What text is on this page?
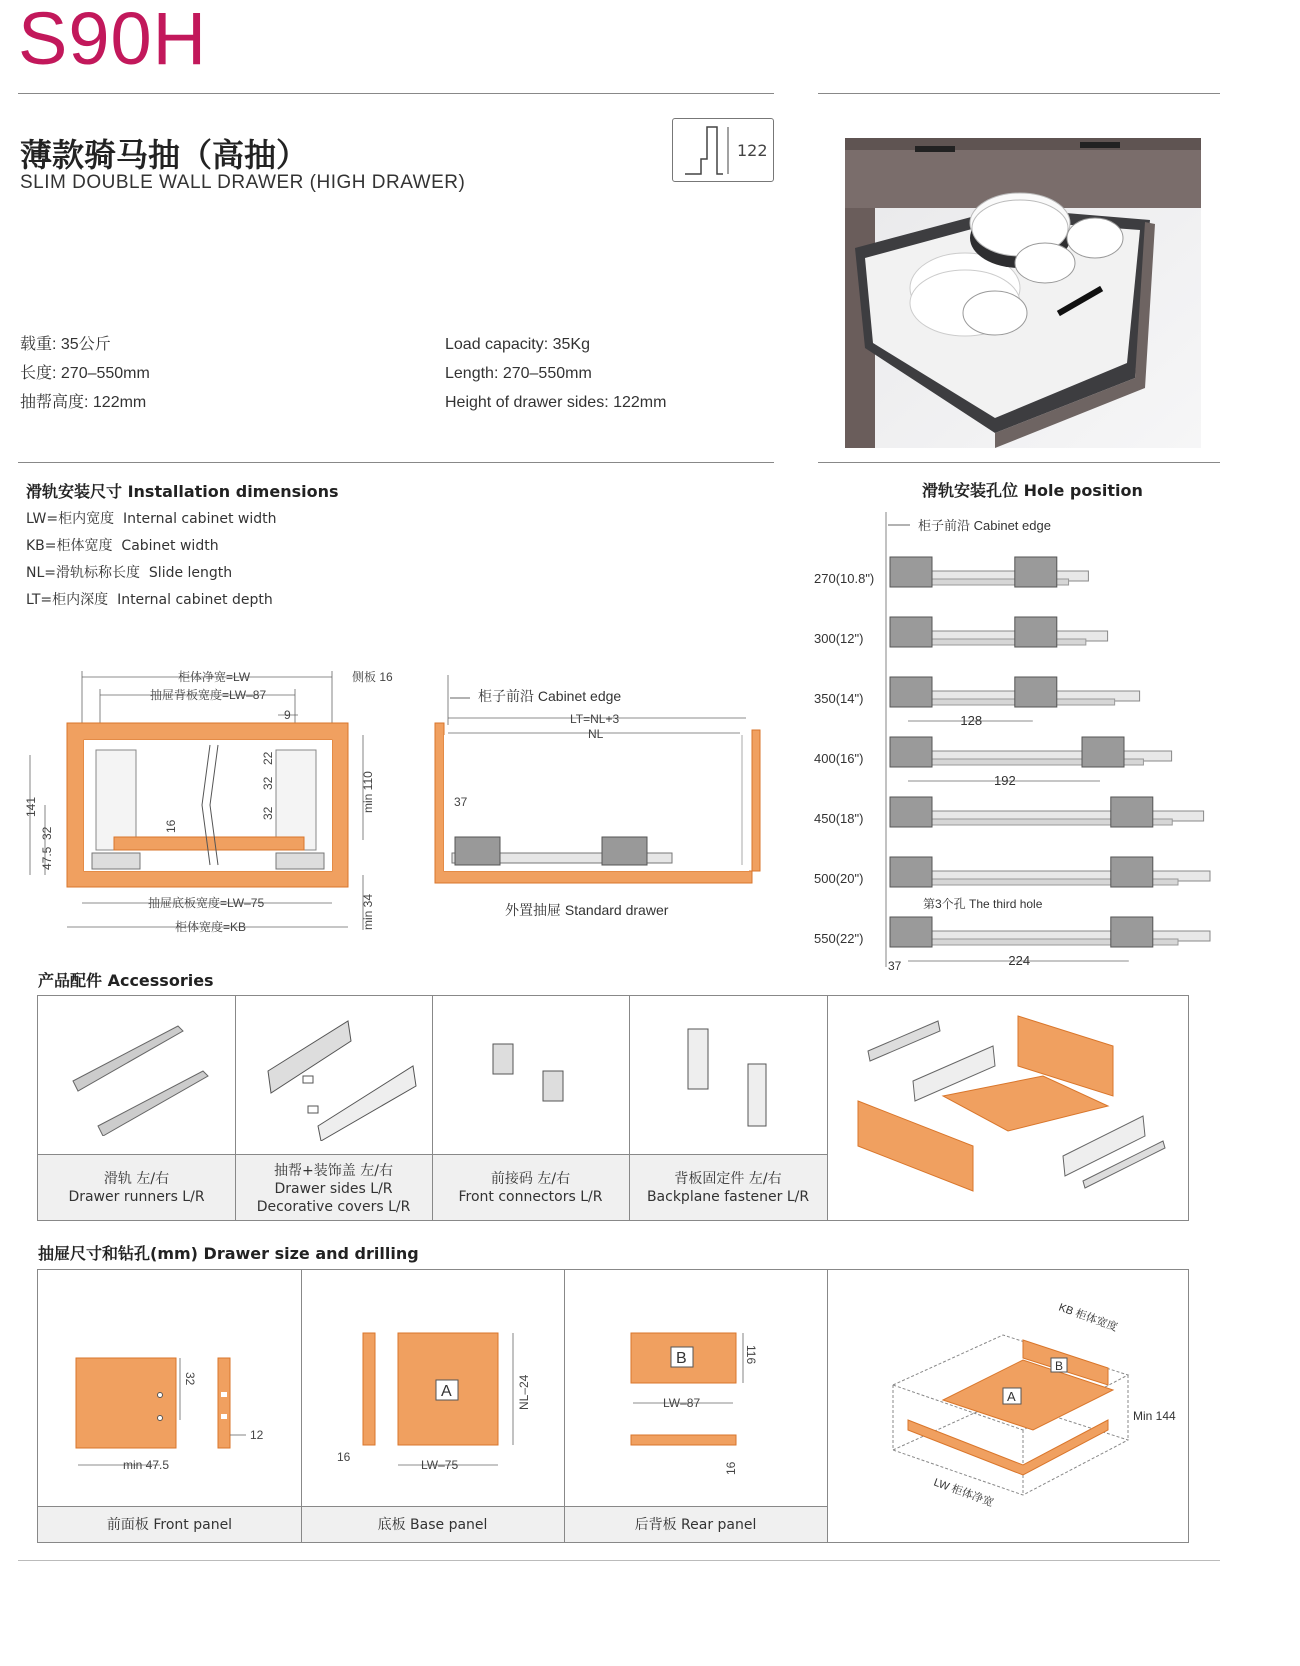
S90H
薄款骑马抽（高抽）
SLIM DOUBLE WALL DRAWER (HIGH DRAWER)
122
载重: 35公斤
长度: 270–550mm
抽帮高度: 122mm
Load capacity: 35Kg
Length: 270–550mm
Height of drawer sides: 122mm
滑轨安装尺寸 Installation dimensions
LW=柜内宽度 Internal cabinet width
KB=柜体宽度 Cabinet width
NL=滑轨标称长度 Slide length
LT=柜内深度 Internal cabinet depth
柜体净宽=LW
抽屉背板宽度=LW–87
侧板 16
9
22
32
32
16
min 110
min 34
141
32
47.5
抽屉底板宽度=LW–75
柜体宽度=KB
柜子前沿 Cabinet edge
LT=NL+3
NL
37
外置抽屉 Standard drawer
滑轨安装孔位 Hole position
柜子前沿 Cabinet edge
270(10.8")
300(12")
350(14")
128
400(16")
192
450(18")
500(20")
550(22")
224
第3个孔 The third hole
37
产品配件 Accessories
滑轨 左/右
Drawer runners L/R
抽帮+装饰盖 左/右
Drawer sides L/R
Decorative covers L/R
前接码 左/右
Front connectors L/R
背板固定件 左/右
Backplane fastener L/R
抽屉尺寸和钻孔(mm) Drawer size and drilling
32
12
min 47.5
前面板 Front panel
A
16
LW–75
NL–24
底板 Base panel
B	116
LW–87
16
后背板 Rear panel
A
B
KB 柜体宽度
LW 柜体净宽
Min 144
